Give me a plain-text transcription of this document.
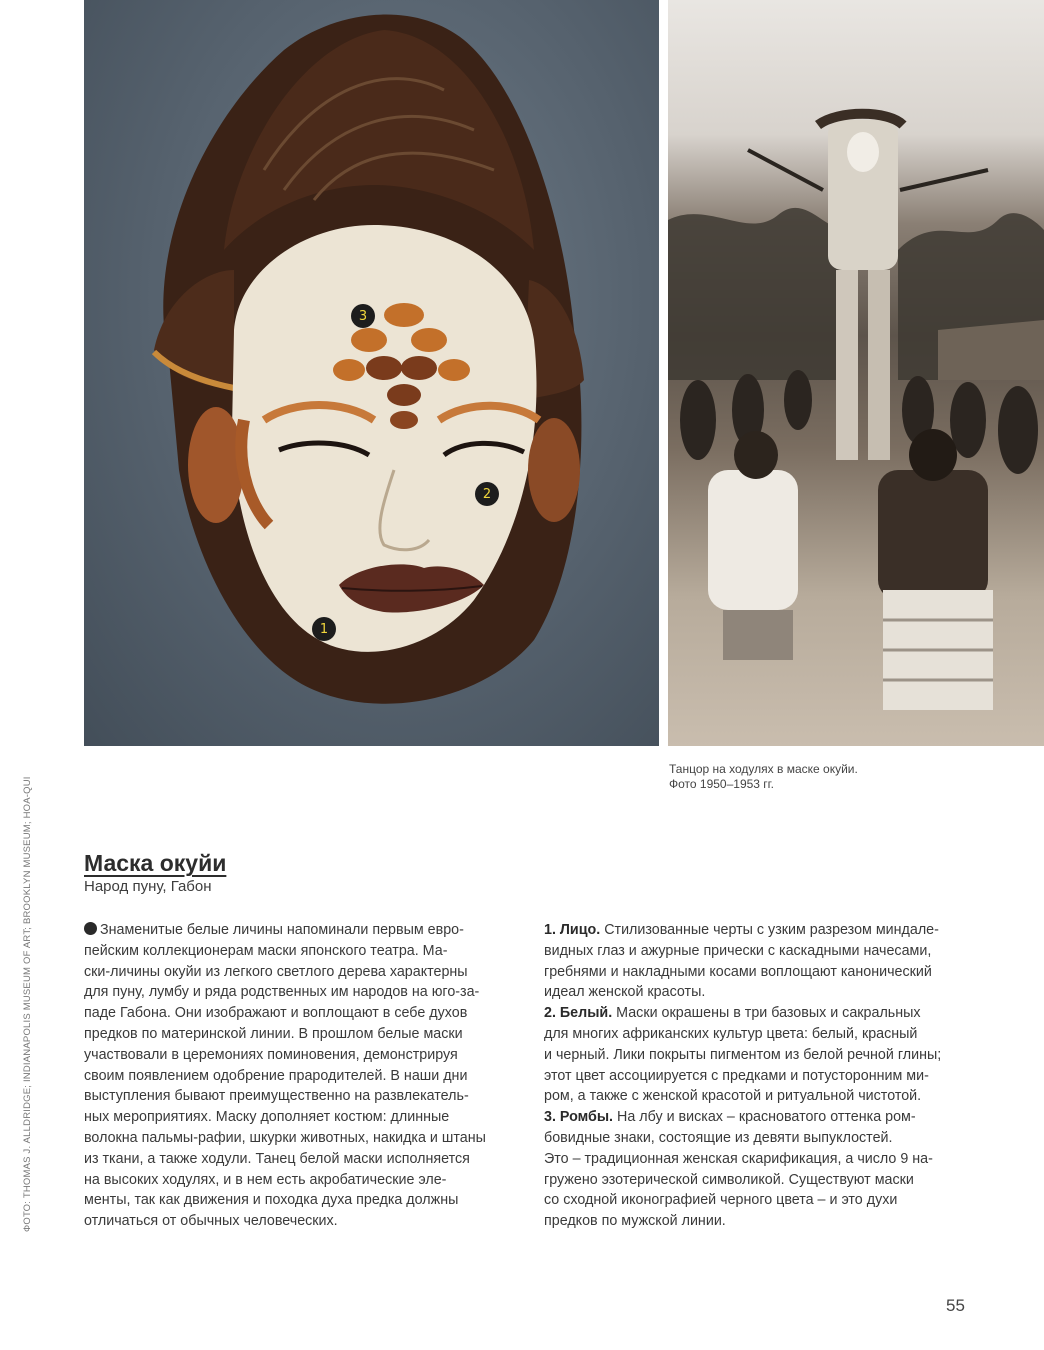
1
2
3
Танцор на ходулях в маске окуйи.
Фото 1950–1953 гг.
ФОТО: THOMAS J. ALLDRIDGE; INDIANAPOLIS MUSEUM OF ART; BROOKLYN MUSEUM; HOA-QUI Маска окуйи
Народ пуну, Габон
Знаменитые белые личины напоминали первым евро-
пейским коллекционерам маски японского театра. Ма-
ски-личины окуйи из легкого светлого дерева характерны
для пуну, лумбу и ряда родственных им народов на юго-за-
паде Габона. Они изображают и воплощают в себе духов
предков по материнской линии. В прошлом белые маски
участвовали в церемониях поминовения, демонстрируя
своим появлением одобрение прародителей. В наши дни
выступления бывают преимущественно на развлекатель-
ных мероприятиях. Маску дополняет костюм: длинные
волокна пальмы-рафии, шкурки животных, накидка и штаны
из ткани, а также ходули. Танец белой маски исполняется
на высоких ходулях, и в нем есть акробатические эле-
менты, так как движения и походка духа предка должны
отличаться от обычных человеческих.
1. Лицо. Стилизованные черты с узким разрезом миндале-
видных глаз и ажурные прически с каскадными начесами,
гребнями и накладными косами воплощают канонический
идеал женской красоты.
2. Белый. Маски окрашены в три базовых и сакральных
для многих африканских культур цвета: белый, красный
и черный. Лики покрыты пигментом из белой речной глины;
этот цвет ассоциируется с предками и потусторонним ми-
ром, а также с женской красотой и ритуальной чистотой.
3. Ромбы. На лбу и висках – красноватого оттенка ром-
бовидные знаки, состоящие из девяти выпуклостей.
Это – традиционная женская скарификация, а число 9 на-
гружено эзотерической символикой. Существуют маски
со сходной иконографией черного цвета – и это духи
предков по мужской линии.
55
